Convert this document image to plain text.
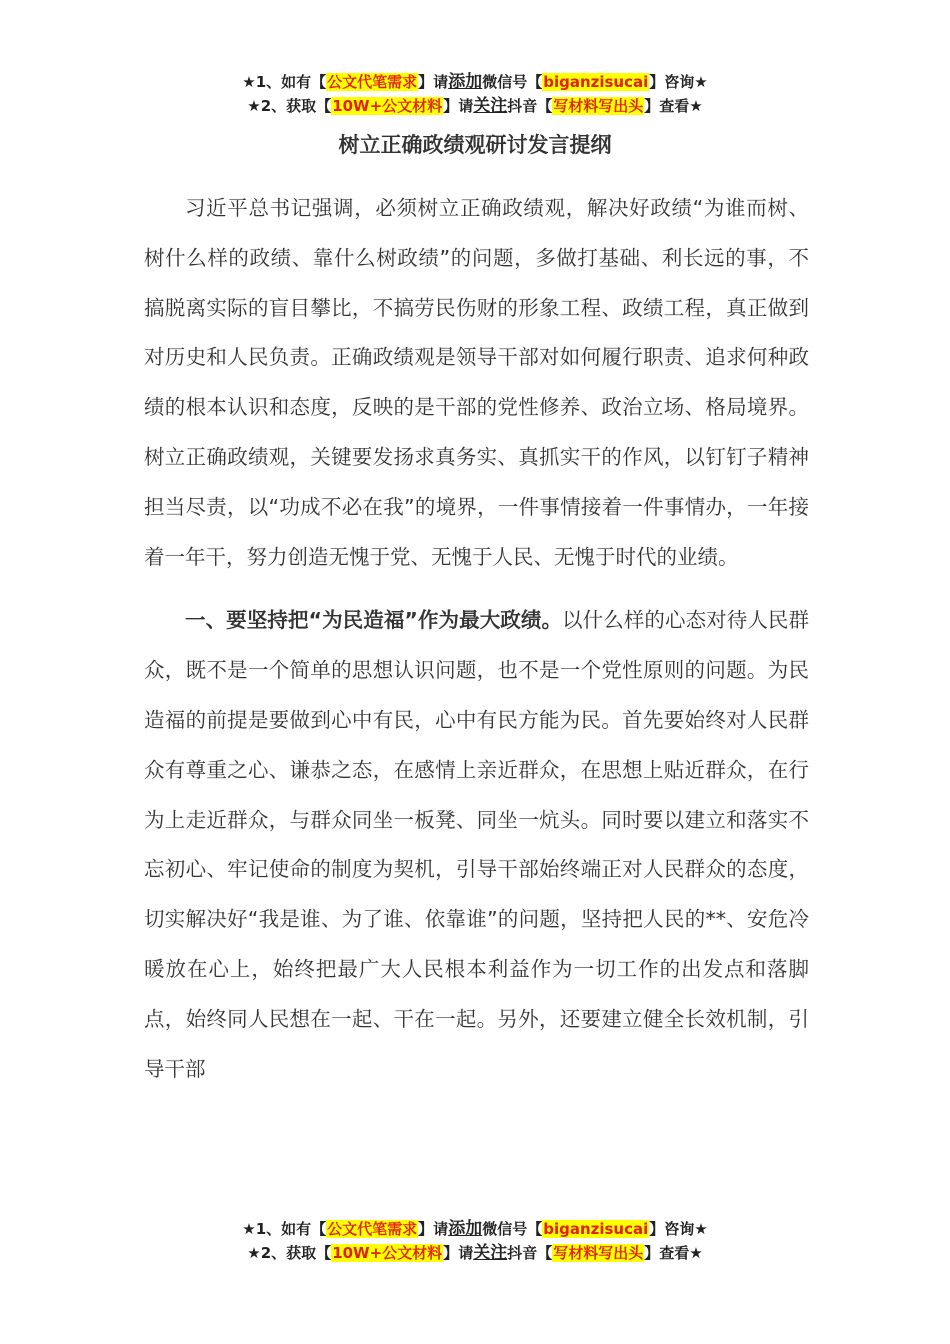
★1、如有【公文代笔需求】请添加微信号【biganzisucai】咨询★
★2、获取【10W+公文材料】请关注抖音【写材料写出头】查看★
树立正确政绩观研讨发言提纲

习近平总书记强调，必须树立正确政绩观，解决好政绩“为谁而树、树什么样的政绩、靠什么树政绩”的问题，多做打基础、利长远的事，不搞脱离实际的盲目攀比，不搞劳民伤财的形象工程、政绩工程，真正做到对历史和人民负责。正确政绩观是领导干部对如何履行职责、追求何种政绩的根本认识和态度，反映的是干部的党性修养、政治立场、格局境界。树立正确政绩观，关键要发扬求真务实、真抓实干的作风，以钉钉子精神担当尽责，以“功成不必在我”的境界，一件事情接着一件事情办，一年接着一年干，努力创造无愧于党、无愧于人民、无愧于时代的业绩。

一、要坚持把“为民造福”作为最大政绩。以什么样的心态对待人民群众，既不是一个简单的思想认识问题，也不是一个党性原则的问题。为民造福的前提是要做到心中有民，心中有民方能为民。首先要始终对人民群众有尊重之心、谦恭之态，在感情上亲近群众，在思想上贴近群众，在行为上走近群众，与群众同坐一板凳、同坐一炕头。同时要以建立和落实不忘初心、牢记使命的制度为契机，引导干部始终端正对人民群众的态度，切实解决好“我是谁、为了谁、依靠谁”的问题，坚持把人民的**、安危冷暖放在心上，始终把最广大人民根本利益作为一切工作的出发点和落脚点，始终同人民想在一起、干在一起。另外，还要建立健全长效机制，引导干部

★1、如有【公文代笔需求】请添加微信号【biganzisucai】咨询★
★2、获取【10W+公文材料】请关注抖音【写材料写出头】查看★
